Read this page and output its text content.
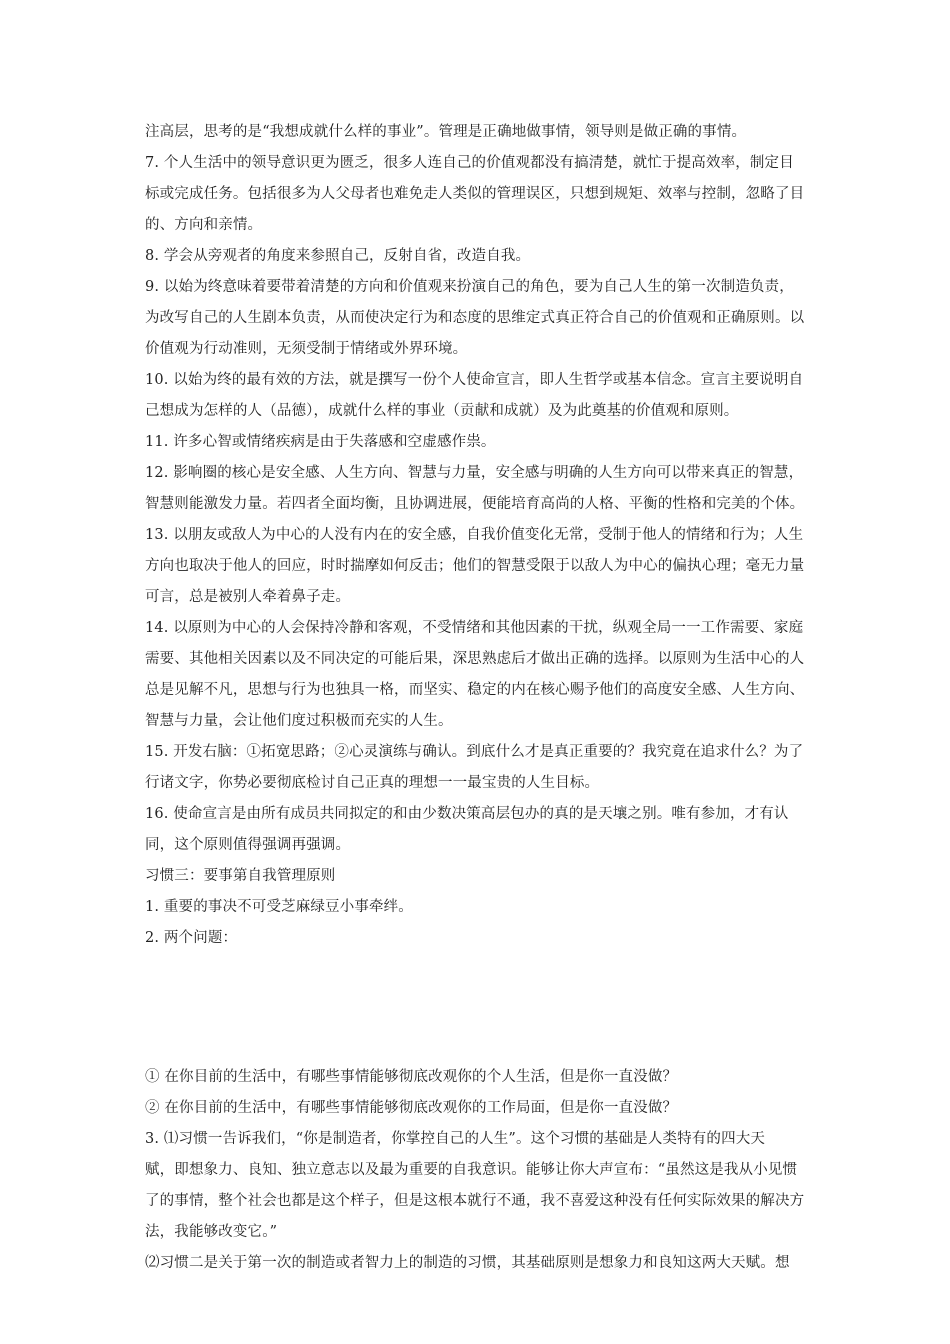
注高层，思考的是“我想成就什么样的事业”。管理是正确地做事情，领导则是做正确的事情。
7. 个人生活中的领导意识更为匮乏，很多人连自己的价值观都没有搞清楚，就忙于提高效率，制定目
标或完成任务。包括很多为人父母者也难免走人类似的管理误区，只想到规矩、效率与控制，忽略了目
的、方向和亲情。
8. 学会从旁观者的角度来参照自己，反射自省，改造自我。
9. 以始为终意味着要带着清楚的方向和价值观来扮演自己的角色，要为自己人生的第一次制造负责，
为改写自己的人生剧本负责，从而使决定行为和态度的思维定式真正符合自己的价值观和正确原则。以
价值观为行动准则，无须受制于情绪或外界环境。
10. 以始为终的最有效的方法，就是撰写一份个人使命宣言，即人生哲学或基本信念。宣言主要说明自
己想成为怎样的人（品德），成就什么样的事业（贡献和成就）及为此奠基的价值观和原则。
11. 许多心智或情绪疾病是由于失落感和空虚感作祟。
12. 影响圈的核心是安全感、人生方向、智慧与力量，安全感与明确的人生方向可以带来真正的智慧，
智慧则能激发力量。若四者全面均衡，且协调进展，便能培育高尚的人格、平衡的性格和完美的个体。
13. 以朋友或敌人为中心的人没有内在的安全感，自我价值变化无常，受制于他人的情绪和行为；人生
方向也取决于他人的回应，时时揣摩如何反击；他们的智慧受限于以敌人为中心的偏执心理；毫无力量
可言，总是被别人牵着鼻子走。
14. 以原则为中心的人会保持冷静和客观，不受情绪和其他因素的干扰，纵观全局一一工作需要、家庭
需要、其他相关因素以及不同决定的可能后果，深思熟虑后才做出正确的选择。以原则为生活中心的人
总是见解不凡，思想与行为也独具一格，而坚实、稳定的内在核心赐予他们的高度安全感、人生方向、
智慧与力量，会让他们度过积极而充实的人生。
15. 开发右脑：①拓宽思路；②心灵演练与确认。到底什么才是真正重要的？我究竟在追求什么？为了
行诸文字，你势必要彻底检讨自己正真的理想一一最宝贵的人生目标。
16. 使命宣言是由所有成员共同拟定的和由少数决策高层包办的真的是天壤之别。唯有参加，才有认
同，这个原则值得强调再强调。
习惯三：要事第自我管理原则
1. 重要的事决不可受芝麻绿豆小事牵绊。
2. 两个问题：
① 在你目前的生活中，有哪些事情能够彻底改观你的个人生活，但是你一直没做？
② 在你目前的生活中，有哪些事情能够彻底改观你的工作局面，但是你一直没做？
3. ⑴习惯一告诉我们，“你是制造者，你掌控自己的人生”。这个习惯的基础是人类特有的四大天
赋，即想象力、良知、独立意志以及最为重要的自我意识。能够让你大声宣布：“虽然这是我从小见惯
了的事情，整个社会也都是这个样子，但是这根本就行不通，我不喜爱这种没有任何实际效果的解决方
法，我能够改变它。”
⑵习惯二是关于第一次的制造或者智力上的制造的习惯，其基础原则是想象力和良知这两大天赋。想
